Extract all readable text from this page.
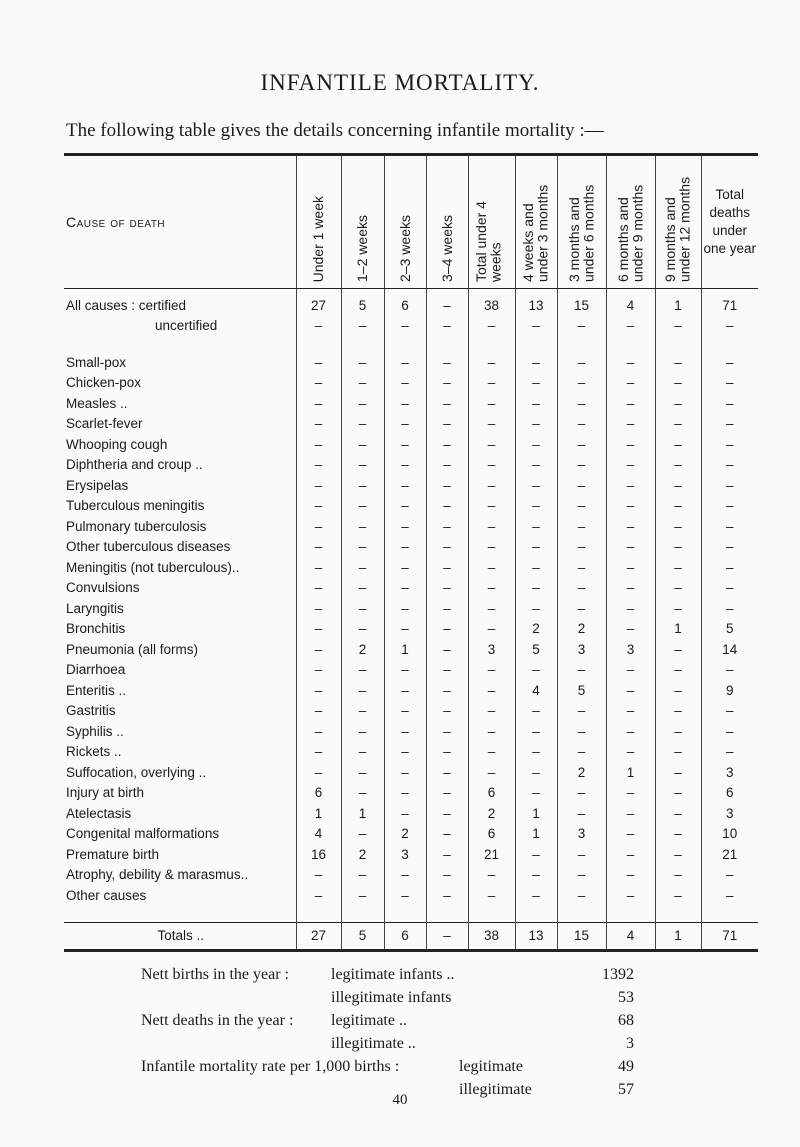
INFANTILE MORTALITY.
The following table gives the details concerning infantile mortality :—
Cause of death	Under 1 week	1–2 weeks	2–3 weeks	3–4 weeks	Total under 4 weeks	4 weeks and under 3 months	3 months and under 6 months	6 months and under 9 months	9 months and under 12 months	Total deaths under one year
All causes : certified	27	5	6	–	38	13	15	4	1	71
uncertified	–	–	–	–	–	–	–	–	–	–

Small-pox	–	–	–	–	–	–	–	–	–	–
Chicken-pox	–	–	–	–	–	–	–	–	–	–
Measles ..	–	–	–	–	–	–	–	–	–	–
Scarlet-fever	–	–	–	–	–	–	–	–	–	–
Whooping cough	–	–	–	–	–	–	–	–	–	–
Diphtheria and croup ..	–	–	–	–	–	–	–	–	–	–
Erysipelas	–	–	–	–	–	–	–	–	–	–
Tuberculous meningitis	–	–	–	–	–	–	–	–	–	–
Pulmonary tuberculosis	–	–	–	–	–	–	–	–	–	–
Other tuberculous diseases	–	–	–	–	–	–	–	–	–	–
Meningitis (not tuberculous)..	–	–	–	–	–	–	–	–	–	–
Convulsions	–	–	–	–	–	–	–	–	–	–
Laryngitis	–	–	–	–	–	–	–	–	–	–
Bronchitis	–	–	–	–	–	2	2	–	1	5
Pneumonia (all forms)	–	2	1	–	3	5	3	3	–	14
Diarrhoea	–	–	–	–	–	–	–	–	–	–
Enteritis ..	–	–	–	–	–	4	5	–	–	9
Gastritis	–	–	–	–	–	–	–	–	–	–
Syphilis ..	–	–	–	–	–	–	–	–	–	–
Rickets ..	–	–	–	–	–	–	–	–	–	–
Suffocation, overlying ..	–	–	–	–	–	–	2	1	–	3
Injury at birth	6	–	–	–	6	–	–	–	–	6
Atelectasis	1	1	–	–	2	1	–	–	–	3
Congenital malformations	4	–	2	–	6	1	3	–	–	10
Premature birth	16	2	3	–	21	–	–	–	–	21
Atrophy, debility & marasmus..	–	–	–	–	–	–	–	–	–	–
Other causes	–	–	–	–	–	–	–	–	–	–

Totals ..	27	5	6	–	38	13	15	4	1	71
Nett births in the year :	legitimate infants ..	1392
illegitimate infants	53
Nett deaths in the year : legitimate ..	68
illegitimate ..	3
Infantile mortality rate per 1,000 births :	legitimate	49
illegitimate	57
40
